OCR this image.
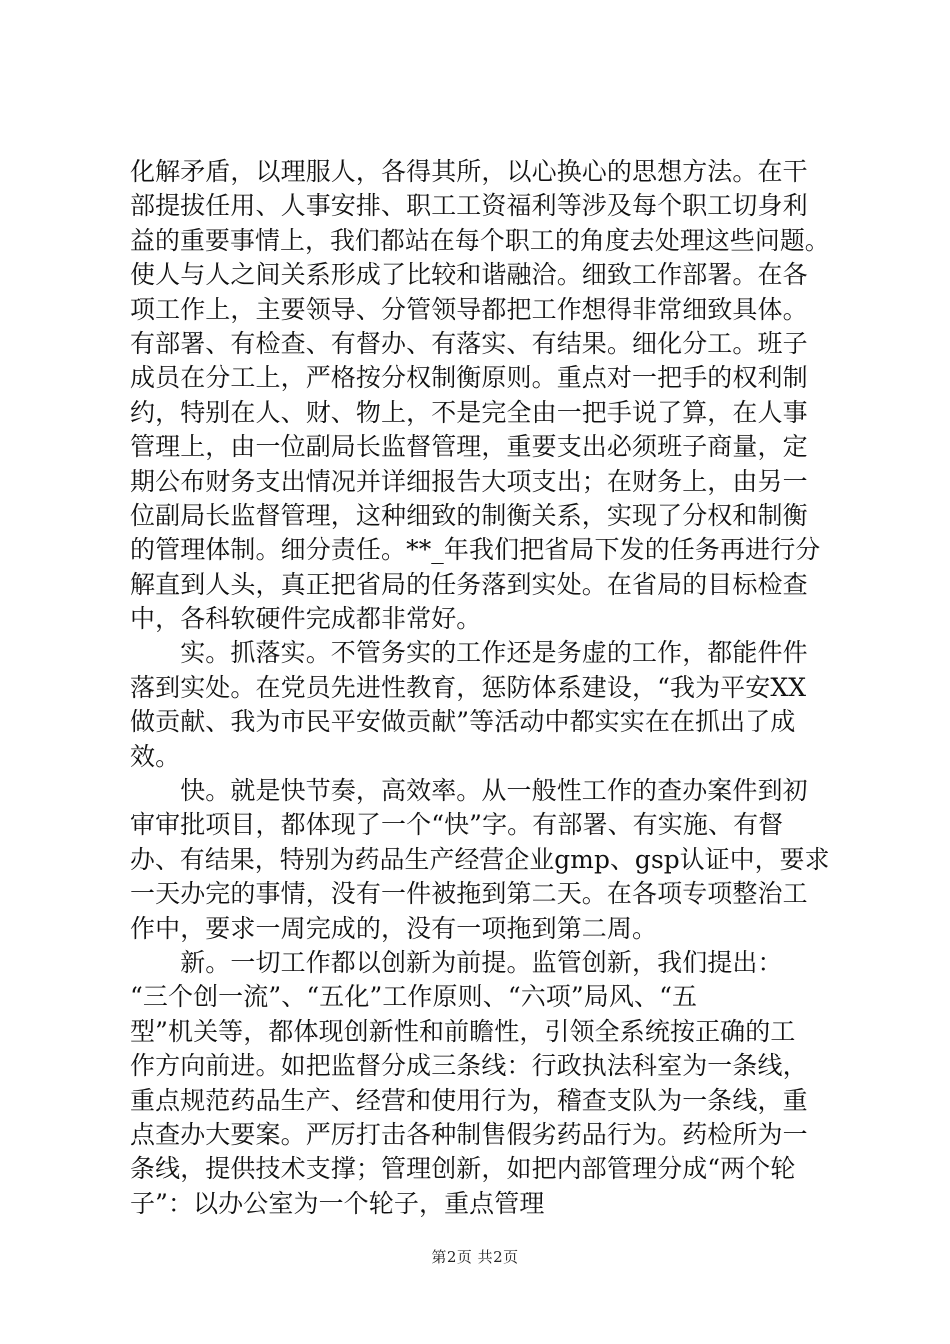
化解矛盾，以理服人，各得其所，以心换心的思想方法。在干
部提拔任用、人事安排、职工工资福利等涉及每个职工切身利
益的重要事情上，我们都站在每个职工的角度去处理这些问题。
使人与人之间关系形成了比较和谐融洽。细致工作部署。在各
项工作上，主要领导、分管领导都把工作想得非常细致具体。
有部署、有检查、有督办、有落实、有结果。细化分工。班子
成员在分工上，严格按分权制衡原则。重点对一把手的权利制
约，特别在人、财、物上，不是完全由一把手说了算，在人事
管理上，由一位副局长监督管理，重要支出必须班子商量，定
期公布财务支出情况并详细报告大项支出；在财务上，由另一
位副局长监督管理，这种细致的制衡关系，实现了分权和制衡
的管理体制。细分责任。**_年我们把省局下发的任务再进行分
解直到人头，真正把省局的任务落到实处。在省局的目标检查
中，各科软硬件完成都非常好。
　　实。抓落实。不管务实的工作还是务虚的工作，都能件件
落到实处。在党员先进性教育，惩防体系建设，“我为平安XX
做贡献、我为市民平安做贡献”等活动中都实实在在抓出了成
效。
　　快。就是快节奏，高效率。从一般性工作的查办案件到初
审审批项目，都体现了一个“快”字。有部署、有实施、有督
办、有结果，特别为药品生产经营企业gmp、gsp认证中，要求
一天办完的事情，没有一件被拖到第二天。在各项专项整治工
作中，要求一周完成的，没有一项拖到第二周。
　　新。一切工作都以创新为前提。监管创新，我们提出：
“三个创一流”、“五化”工作原则、“六项”局风、“五
型”机关等，都体现创新性和前瞻性，引领全系统按正确的工
作方向前进。如把监督分成三条线：行政执法科室为一条线，
重点规范药品生产、经营和使用行为，稽查支队为一条线，重
点查办大要案。严厉打击各种制售假劣药品行为。药检所为一
条线，提供技术支撑；管理创新，如把内部管理分成“两个轮
子”：以办公室为一个轮子，重点管理
第2页 共2页
